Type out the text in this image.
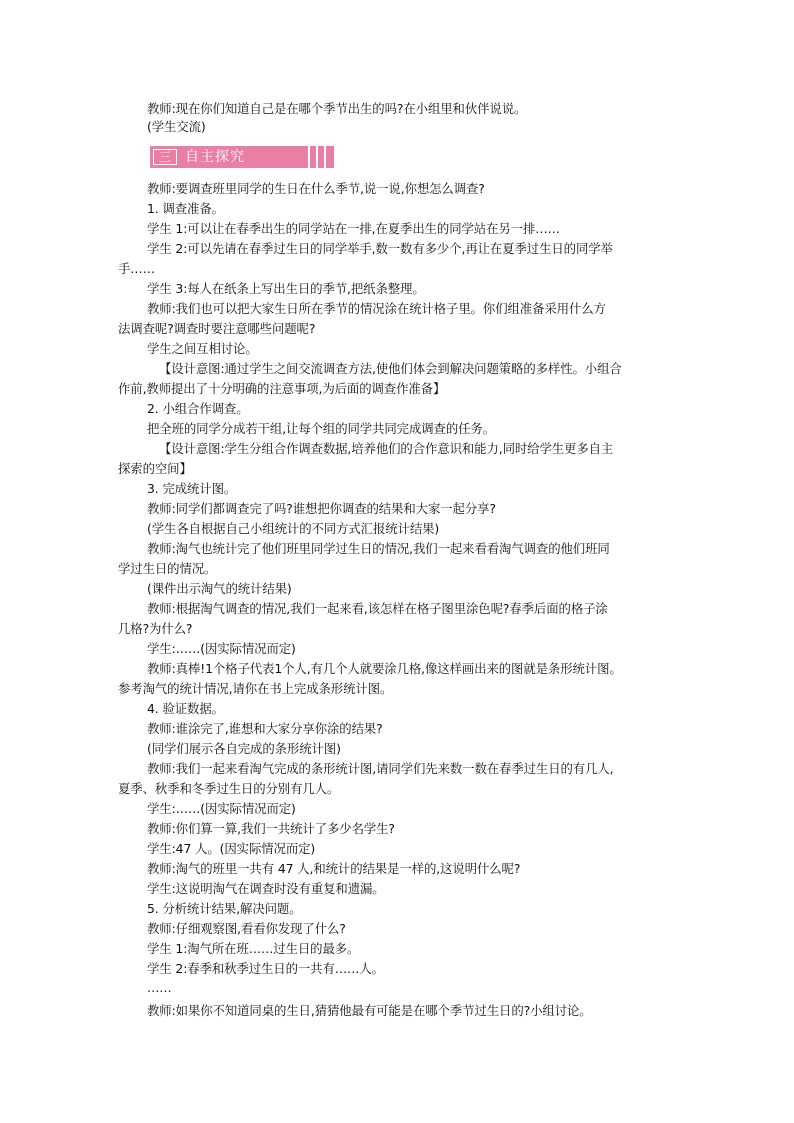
教师:现在你们知道自己是在哪个季节出生的吗?在小组里和伙伴说说。
(学生交流)
三	自主探究
教师:要调查班里同学的生日在什么季节,说一说,你想怎么调查?
1. 调查准备。
学生 1:可以让在春季出生的同学站在一排,在夏季出生的同学站在另一排……
学生 2:可以先请在春季过生日的同学举手,数一数有多少个,再让在夏季过生日的同学举
手……
学生 3:每人在纸条上写出生日的季节,把纸条整理。
教师:我们也可以把大家生日所在季节的情况涂在统计格子里。你们组准备采用什么方
法调查呢?调查时要注意哪些问题呢?
学生之间互相讨论。
【设计意图:通过学生之间交流调查方法,使他们体会到解决问题策略的多样性。小组合
作前,教师提出了十分明确的注意事项,为后面的调查作准备】
2. 小组合作调查。
把全班的同学分成若干组,让每个组的同学共同完成调查的任务。
【设计意图:学生分组合作调查数据,培养他们的合作意识和能力,同时给学生更多自主
探索的空间】
3. 完成统计图。
教师:同学们都调查完了吗?谁想把你调查的结果和大家一起分享?
(学生各自根据自己小组统计的不同方式汇报统计结果)
教师:淘气也统计完了他们班里同学过生日的情况,我们一起来看看淘气调查的他们班同
学过生日的情况。
(课件出示淘气的统计结果)
教师:根据淘气调查的情况,我们一起来看,该怎样在格子图里涂色呢?春季后面的格子涂
几格?为什么?
学生:……(因实际情况而定)
教师:真棒!1个格子代表1个人,有几个人就要涂几格,像这样画出来的图就是条形统计图。
参考淘气的统计情况,请你在书上完成条形统计图。
4. 验证数据。
教师:谁涂完了,谁想和大家分享你涂的结果?
(同学们展示各自完成的条形统计图)
教师:我们一起来看淘气完成的条形统计图,请同学们先来数一数在春季过生日的有几人,
夏季、秋季和冬季过生日的分别有几人。
学生:……(因实际情况而定)
教师:你们算一算,我们一共统计了多少名学生?
学生:47 人。(因实际情况而定)
教师:淘气的班里一共有 47 人,和统计的结果是一样的,这说明什么呢?
学生:这说明淘气在调查时没有重复和遗漏。
5. 分析统计结果,解决问题。
教师:仔细观察图,看看你发现了什么?
学生 1:淘气所在班……过生日的最多。
学生 2:春季和秋季过生日的一共有……人。
……
教师:如果你不知道同桌的生日,猜猜他最有可能是在哪个季节过生日的?小组讨论。
